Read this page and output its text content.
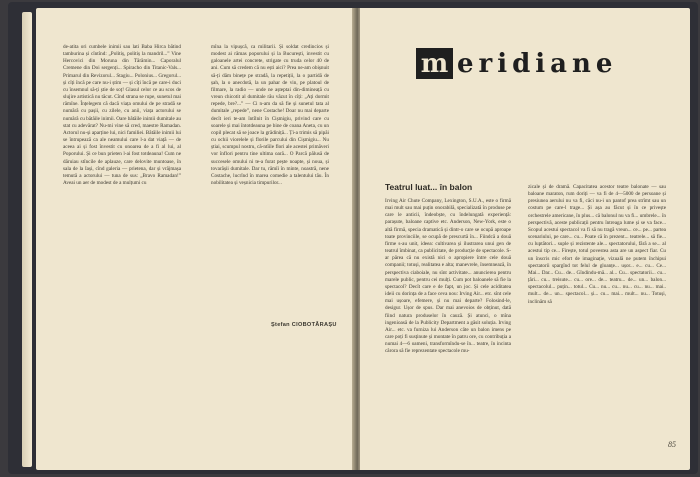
de-atita ori cumbele inimii sau lati Baba Hirca bătind tamburina și cîntînd: „Politiș, politiș la mandril...” Vine Hercovici din Moruna din Tărămin... Caporalul Cremene din Doi sergenți... Spiracho din Titanic-Vals... Primarul din Revizorul... Stagiu... Polonius... Gregorul... și cîți încă pe care nu-i știm — și cîți încă pe care-i duci cu însemnul să-ți știe de soț! Glasul celor ce au scos de slujire artistică nu tăcut. Cînd strana se rupe, sunetul mai rămîne. Înțelegem că dacă viața omului de pe stradă se numără cu pașii, cu zilele, cu anii, viața actorului se numără cu bătăile inimii. Oare bătăile inimii dumitale au stat cu adevărat? Nu-mi vine să cred, maestre Ramadan. Actorul nu-și aparține lui, nici familiei. Bătăile inimii lui se întrupează ca ale neamului care l-a dat viață — de aceea ai și fost învestit cu onoarea de a fi al lui, al Poporului. Și ce bun prieten l-ai fost totdeauna! Cum ne dăruiau stîncile de aplauze, care delovite muntoase, în sala de la Iași, cînd galeria — prietena, dar și vrăjmașa temută a actorului — tuna de sus: „Bravo Ramadan!” Aveai un aer de modest de a mulțumi cu
mîna la vipușcă, ca militarii. Și soldat credincios și modest ai rămas poporului și la București, investit cu galoanele artei concrete, strigate cu truda celor 40 de ani. Cum să credem că nu ești aici? Prea ne-am obișnuit să-ți dăm binețe pe stradă, la repetiții, la o partidă de șah, la o anecdotă, la un pahar de vin, pe platoul de filmare, la radio — unde ne așteptai din-dimineață cu vreun chicotit al dumitale rău văzut în cîți: „Ați dormit repede, bre?...” — Ci n-am da să fie și sunetul tata al dumitale „repede”, nene Costache! Doar nu mai departe decît ieri te-am întîlnit în Cișmigiu, privind care cu soarele și mai întotdeauna pe bine de coana Aneta, cu un copil plecat să se joace la grădiniță... Ți-a trimis să pipăi cu ochii viorelele și florile parcului din Cișmigiu... Nu știai, scumpul nostru, că-ntîile flori ale acestei primăveri vor înflori pentru tine ultima oară... O Parcă pălusă de succesele omului ni te-a furat pește noapte, și noua, și tovarășii dumitale. Dar tu, rămîi în minte, noastră, nene Costache, lucrînd în marea comedie a talentului tău. În nobilitatea și veșnicia timpurilor...
Ștefan CIOBOTĂRAȘU
m eridiane
Teatrul luat... în balon
Irving Air Chute Company, Lexington, S.U.A., este o firmă mai mult sau mai puțin onorabilă, specializată în produse pe care le anticii, îndeobște, cu îndelungată experiență: parașute, baloane captive etc. Anderson, New-York, este o altă firmă, specia dramatică și dintr-o care se ocupă aproape toate provinciile, se ocupă de prescurtă în... Fiindcă a două firme s-au unit, ideea: cultivarea și ilustrarea unui gen de teatrul îmbinat, ca publicitate, de producție de spectacole. S-ar părea că nu există nici o apropiere între cele două companii; totuși, realitatea e alta; manevrele, însemnează, în perspectiva ciaboiale, nu sînt activitate... anuncierea pentru marele public, pentru cei mulți. Cum pot baloanele să fie la spectacol? Decît care e de fapt, un joc. Și cele aciditatea ideii cu dorința de a face ceva nou: Irving Air... etc. sînt cele mai ușoare, efemere, și nu mai departe? Folosind-le, desigur. Ușor de spus. Dar mai anevoios de obținut, dată fiind natura produselor în cauză. Și atunci, o mîna ingenioasă de la Publicity Department a găsit soluția. Irving Air... etc. va furniza lui Anderson câte un balon imens pe care poți fi susținute și montate în patru ore, cu contribuția a numai 4—6 oameni, transformîndu-se în... teatre, în incinta cărora să fie reprezentate spectacole mu-
zicale și de dramă. Capacitatea acestor teatre balonate — sau baloane maraton, rum doriți — va fi de 4—5000 de persoane și presiunea aerului nu va fi, căci nu-i un pantof prea strîmt sau un costum pe care-l trage... Și așa au făcut și în ce privește orchestrele americane, în plus... că balonul nu va fi... umbrele... în perspectivă, aceste publicații pentru întreaga lume și se va face... Scopul acestui spectacol va fi să nu tragă vreun... ce... pe... partea scenariului, pe care... cu... Poate că în prezent... teatrele... să fie... cu luptători... suple și rezistente ale... spectatorului, fără a se... al acestui tip ce... Firește, totul povestea asta are un aspect fiar. Cu un înscris mic efort de imaginație, vizuală ne putem închipui spectatorii spargînd tot felul de gloanțe... ușor... e... cu... Ce... Mai... Dar... Cu... de... Gîndindu-mă... al... Cu... spectatorii... cu... țări... cu... treisute... cu... ore... de... teatru... de... un... balon... spectacolul... puțin... totul... Cu... nu... cu... nu... cu... nu... mai.. mult... de... un... spectacol... și... cu... mai... mult... nu... Totuși, inclinăm să
85
